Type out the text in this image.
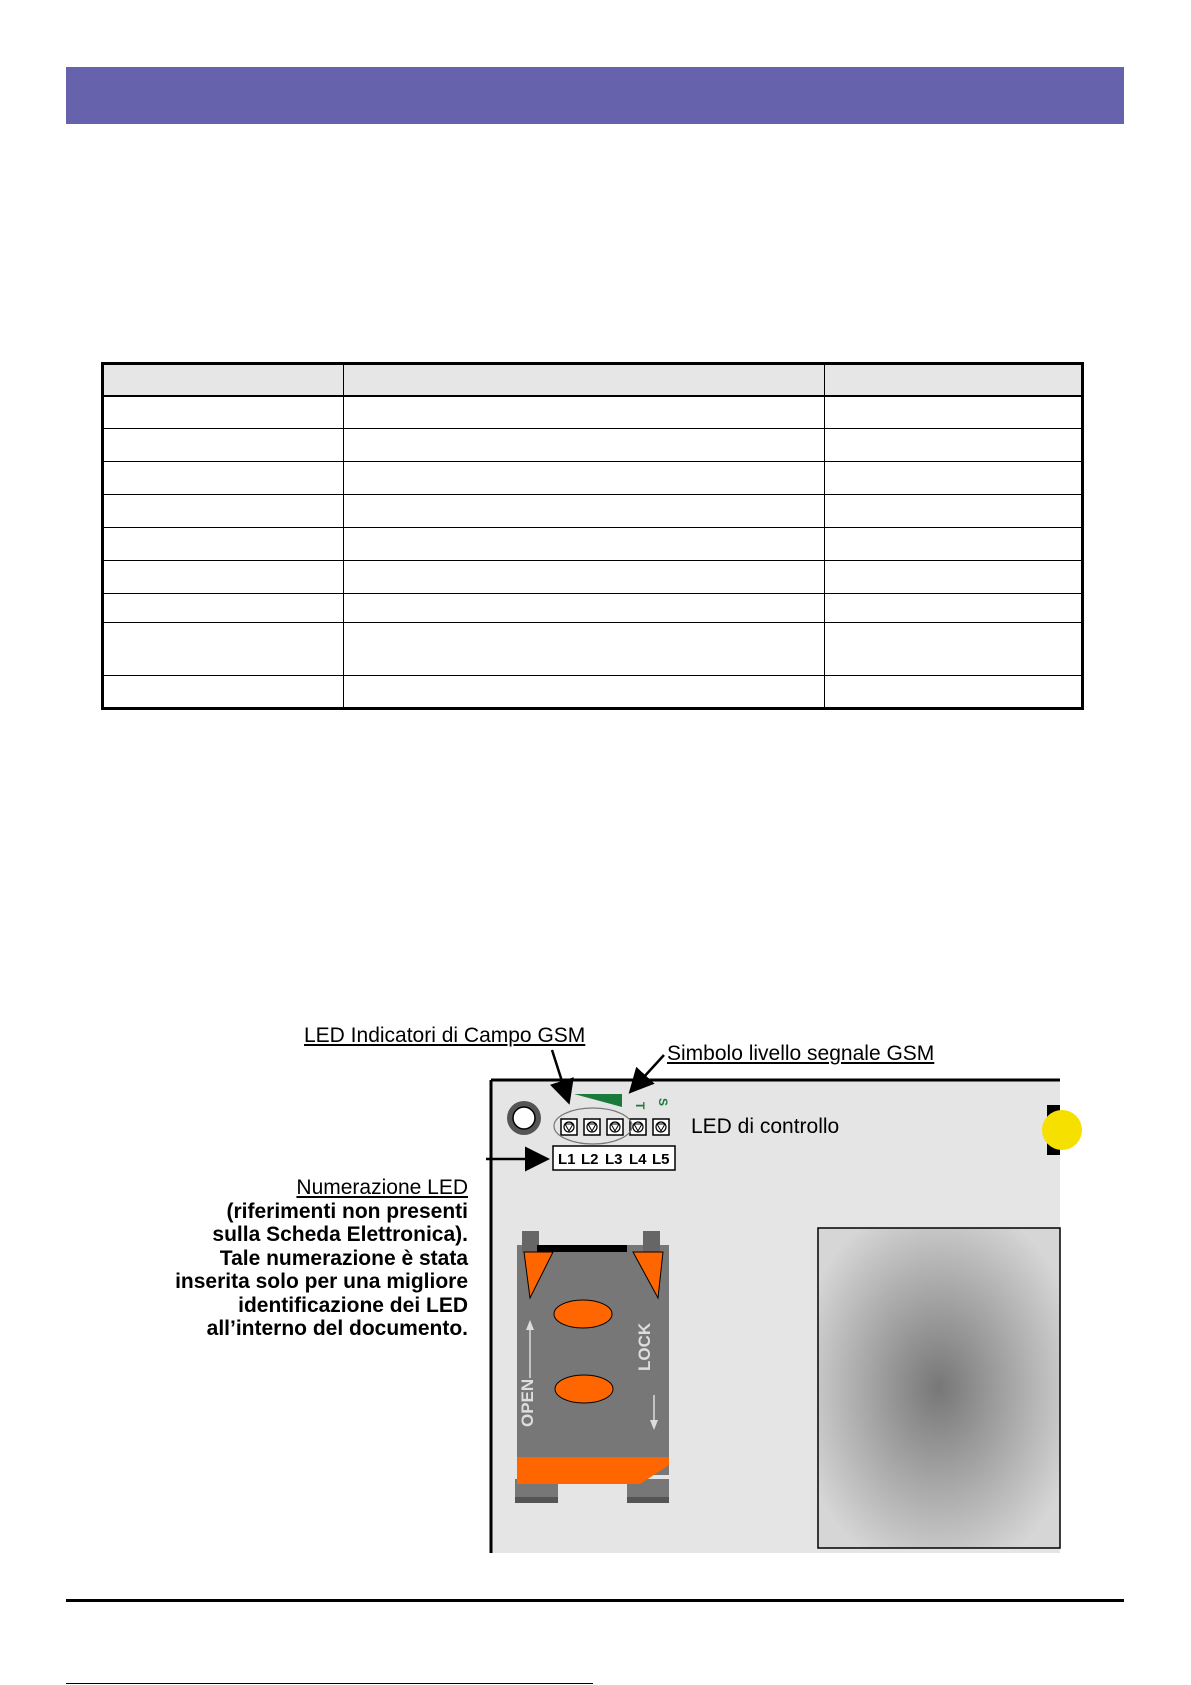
LED Indicatori di Campo GSM
Simbolo livello segnale GSM
Numerazione LED
(riferimenti non presenti
sulla Scheda Elettronica).
Tale numerazione è stata
inserita solo per una migliore
identificazione dei LED
all’interno del documento.
T S
LED di controllo
L1 L2 L3 L4 L5
OPEN
LOCK
